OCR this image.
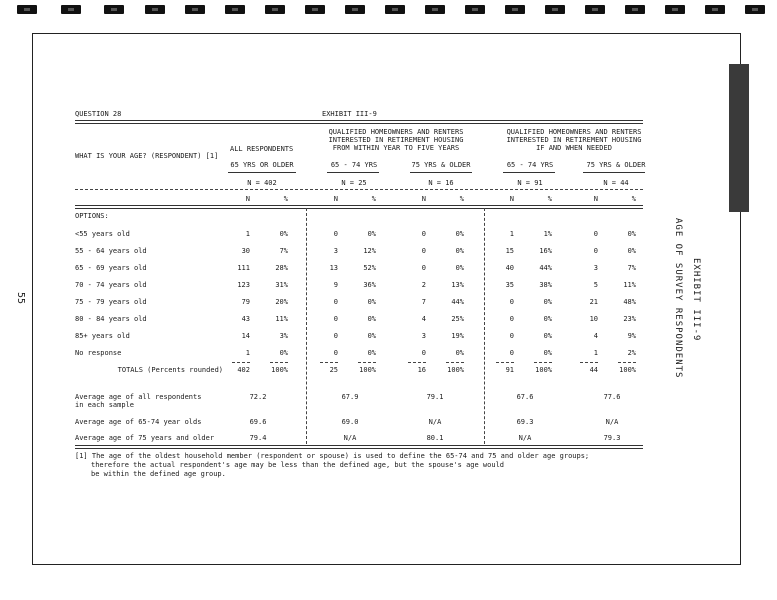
55	EXHIBIT III-9
AGE OF SURVEY RESPONDENTS
QUESTION 28	EXHIBIT III-9
QUALIFIED HOMEOWNERS AND RENTERS
INTERESTED IN RETIREMENT HOUSING
FROM WITHIN YEAR TO FIVE YEARS
QUALIFIED HOMEOWNERS AND RENTERS
INTERESTED IN RETIREMENT HOUSING
IF AND WHEN NEEDED
ALL RESPONDENTS
WHAT IS YOUR AGE? (RESPONDENT) [1]
65 YRS OR OLDER	65 - 74 YRS	75 YRS & OLDER	65 - 74 YRS	75 YRS & OLDER
N = 402	N = 25	N = 16	N = 91	N = 44
N	%	N	%	N	%	N	%	N	%
OPTIONS:
<55 years old	1	0%	0	0%	0	0%	1	1%	0	0%
55 - 64 years old	30	7%	3	12%	0	0%	15	16%	0	0%
65 - 69 years old	111	28%	13	52%	0	0%	40	44%	3	7%
70 - 74 years old	123	31%	9	36%	2	13%	35	38%	5	11%
75 - 79 years old	79	20%	0	0%	7	44%	0	0%	21	48%
80 - 84 years old	43	11%	0	0%	4	25%	0	0%	10	23%
85+ years old	14	3%	0	0%	3	19%	0	0%	4	9%
No response	1	0%	0	0%	0	0%	0	0%	1	2%
TOTALS (Percents rounded)	402	100%	25	100%	16	100%	91	100%	44	100%
Average age of all respondents
in each sample
72.2	67.9	79.1	67.6	77.6
Average age of 65-74 year olds	69.6	69.0	N/A	69.3	N/A
Average age of 75 years and older	79.4	N/A	80.1	N/A	79.3
[1] The age of the oldest household member (respondent or spouse) is used to define the 65-74 and 75 and older age groups;
therefore the actual respondent's age may be less than the defined age, but the spouse's age would
be within the defined age group.
